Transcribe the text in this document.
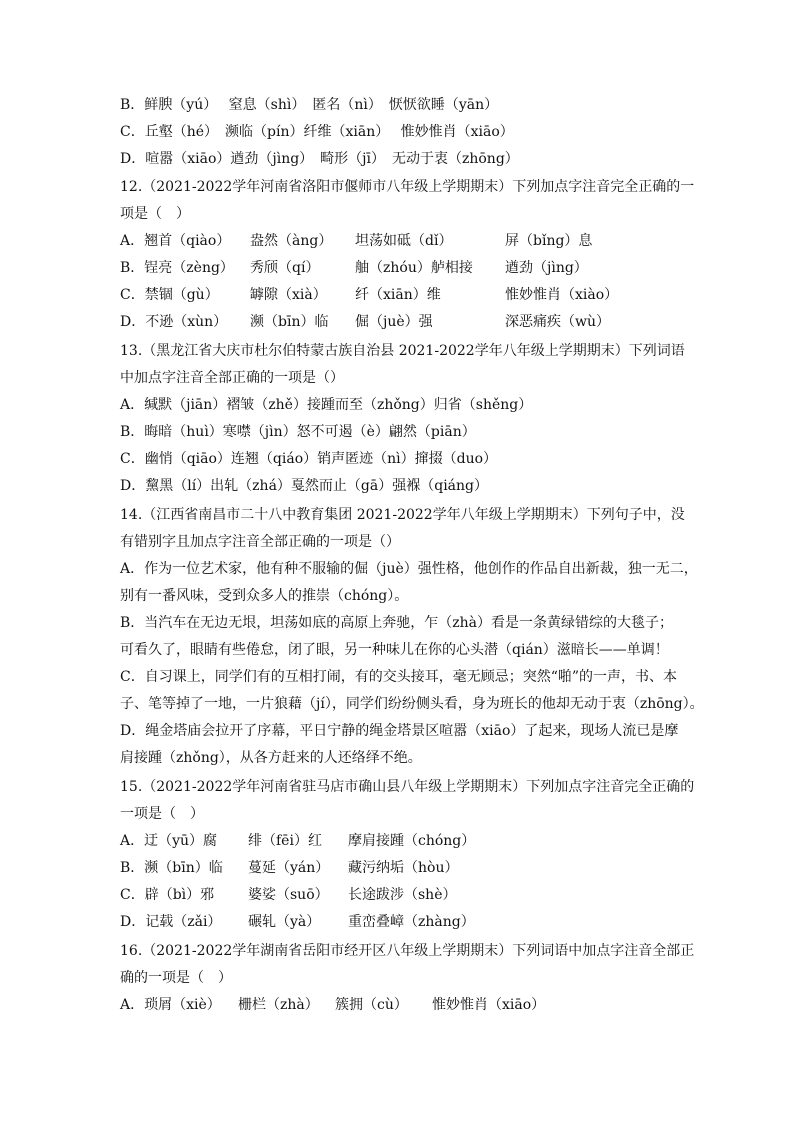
B．鲜腴（yú）　 窒息（shì）　匿名（nì）　恹恹欲睡（yān）
C．丘壑（hé）　濒临（pín）纤维（xiān）　 惟妙惟肖（xiāo）
D．喧嚣（xiāo）遒劲（jìng）　畸形（jī）　无动于衷（zhōng）
12.（2021-2022学年河南省洛阳市偃师市八年级上学期期末）下列加点字注音完全正确的一
项是（　）
A．翘首（qiào） 盎然（àng） 坦荡如砥（dǐ）	屏（bǐng）息
B．锃亮（zèng） 秀颀（qí）	舳（zhóu）舻相接 遒劲（jìng）
C．禁锢（gù） 罅隙（xià） 纤（xiān）维	惟妙惟肖（xiào）
D．不逊（xùn） 濒（bīn）临 倔（juè）强	深恶痛疾（wù）
13.（黑龙江省大庆市杜尔伯特蒙古族自治县 2021-2022学年八年级上学期期末）下列词语
中加点字注音全部正确的一项是（）
A．缄默（jiān）褶皱（zhě）接踵而至（zhǒng）归省（shěng）
B．晦暗（huì）寒噤（jìn）怒不可遏（è）翩然（piān）
C．幽悄（qiāo）连翘（qiáo）销声匿迹（nì）撺掇（duo）
D．黧黑（lí）出轧（zhá）戛然而止（gā）强褓（qiáng）
14.（江西省南昌市二十八中教育集团 2021-2022学年八年级上学期期末）下列句子中，没
有错别字且加点字注音全部正确的一项是（）
A．作为一位艺术家，他有种不服输的倔（juè）强性格，他创作的作品自出新裁，独一无二，
别有一番风味，受到众多人的推崇（chóng）。
B．当汽车在无边无垠，坦荡如底的高原上奔驰，乍（zhà）看是一条黄绿错综的大毯子；
可看久了，眼睛有些倦怠，闭了眼，另一种味儿在你的心头潜（qián）滋暗长——单调！
C．自习课上，同学们有的互相打闹，有的交头接耳，毫无顾忌；突然“啪”的一声，书、本
子、笔等掉了一地，一片狼藉（jí），同学们纷纷侧头看，身为班长的他却无动于衷（zhōng）。
D．绳金塔庙会拉开了序幕，平日宁静的绳金塔景区喧嚣（xiāo）了起来，现场人流已是摩
肩接踵（zhǒng），从各方赶来的人还络绎不绝。
15.（2021-2022学年河南省驻马店市确山县八年级上学期期末）下列加点字注音完全正确的
一项是（　）
A．迂（yū）腐 绯（fēi）红 摩肩接踵（chóng）
B．濒（bīn）临 蔓延（yán） 藏污纳垢（hòu）
C．辟（bì）邪 婆娑（suō） 长途跋涉（shè）
D．记载（zǎi） 碾轧（yà） 重峦叠嶂（zhàng）
16.（2021-2022学年湖南省岳阳市经开区八年级上学期期末）下列词语中加点字注音全部正
确的一项是（　）
A．琐屑（xiè） 栅栏（zhà） 簇拥（cù） 惟妙惟肖（xiāo）
